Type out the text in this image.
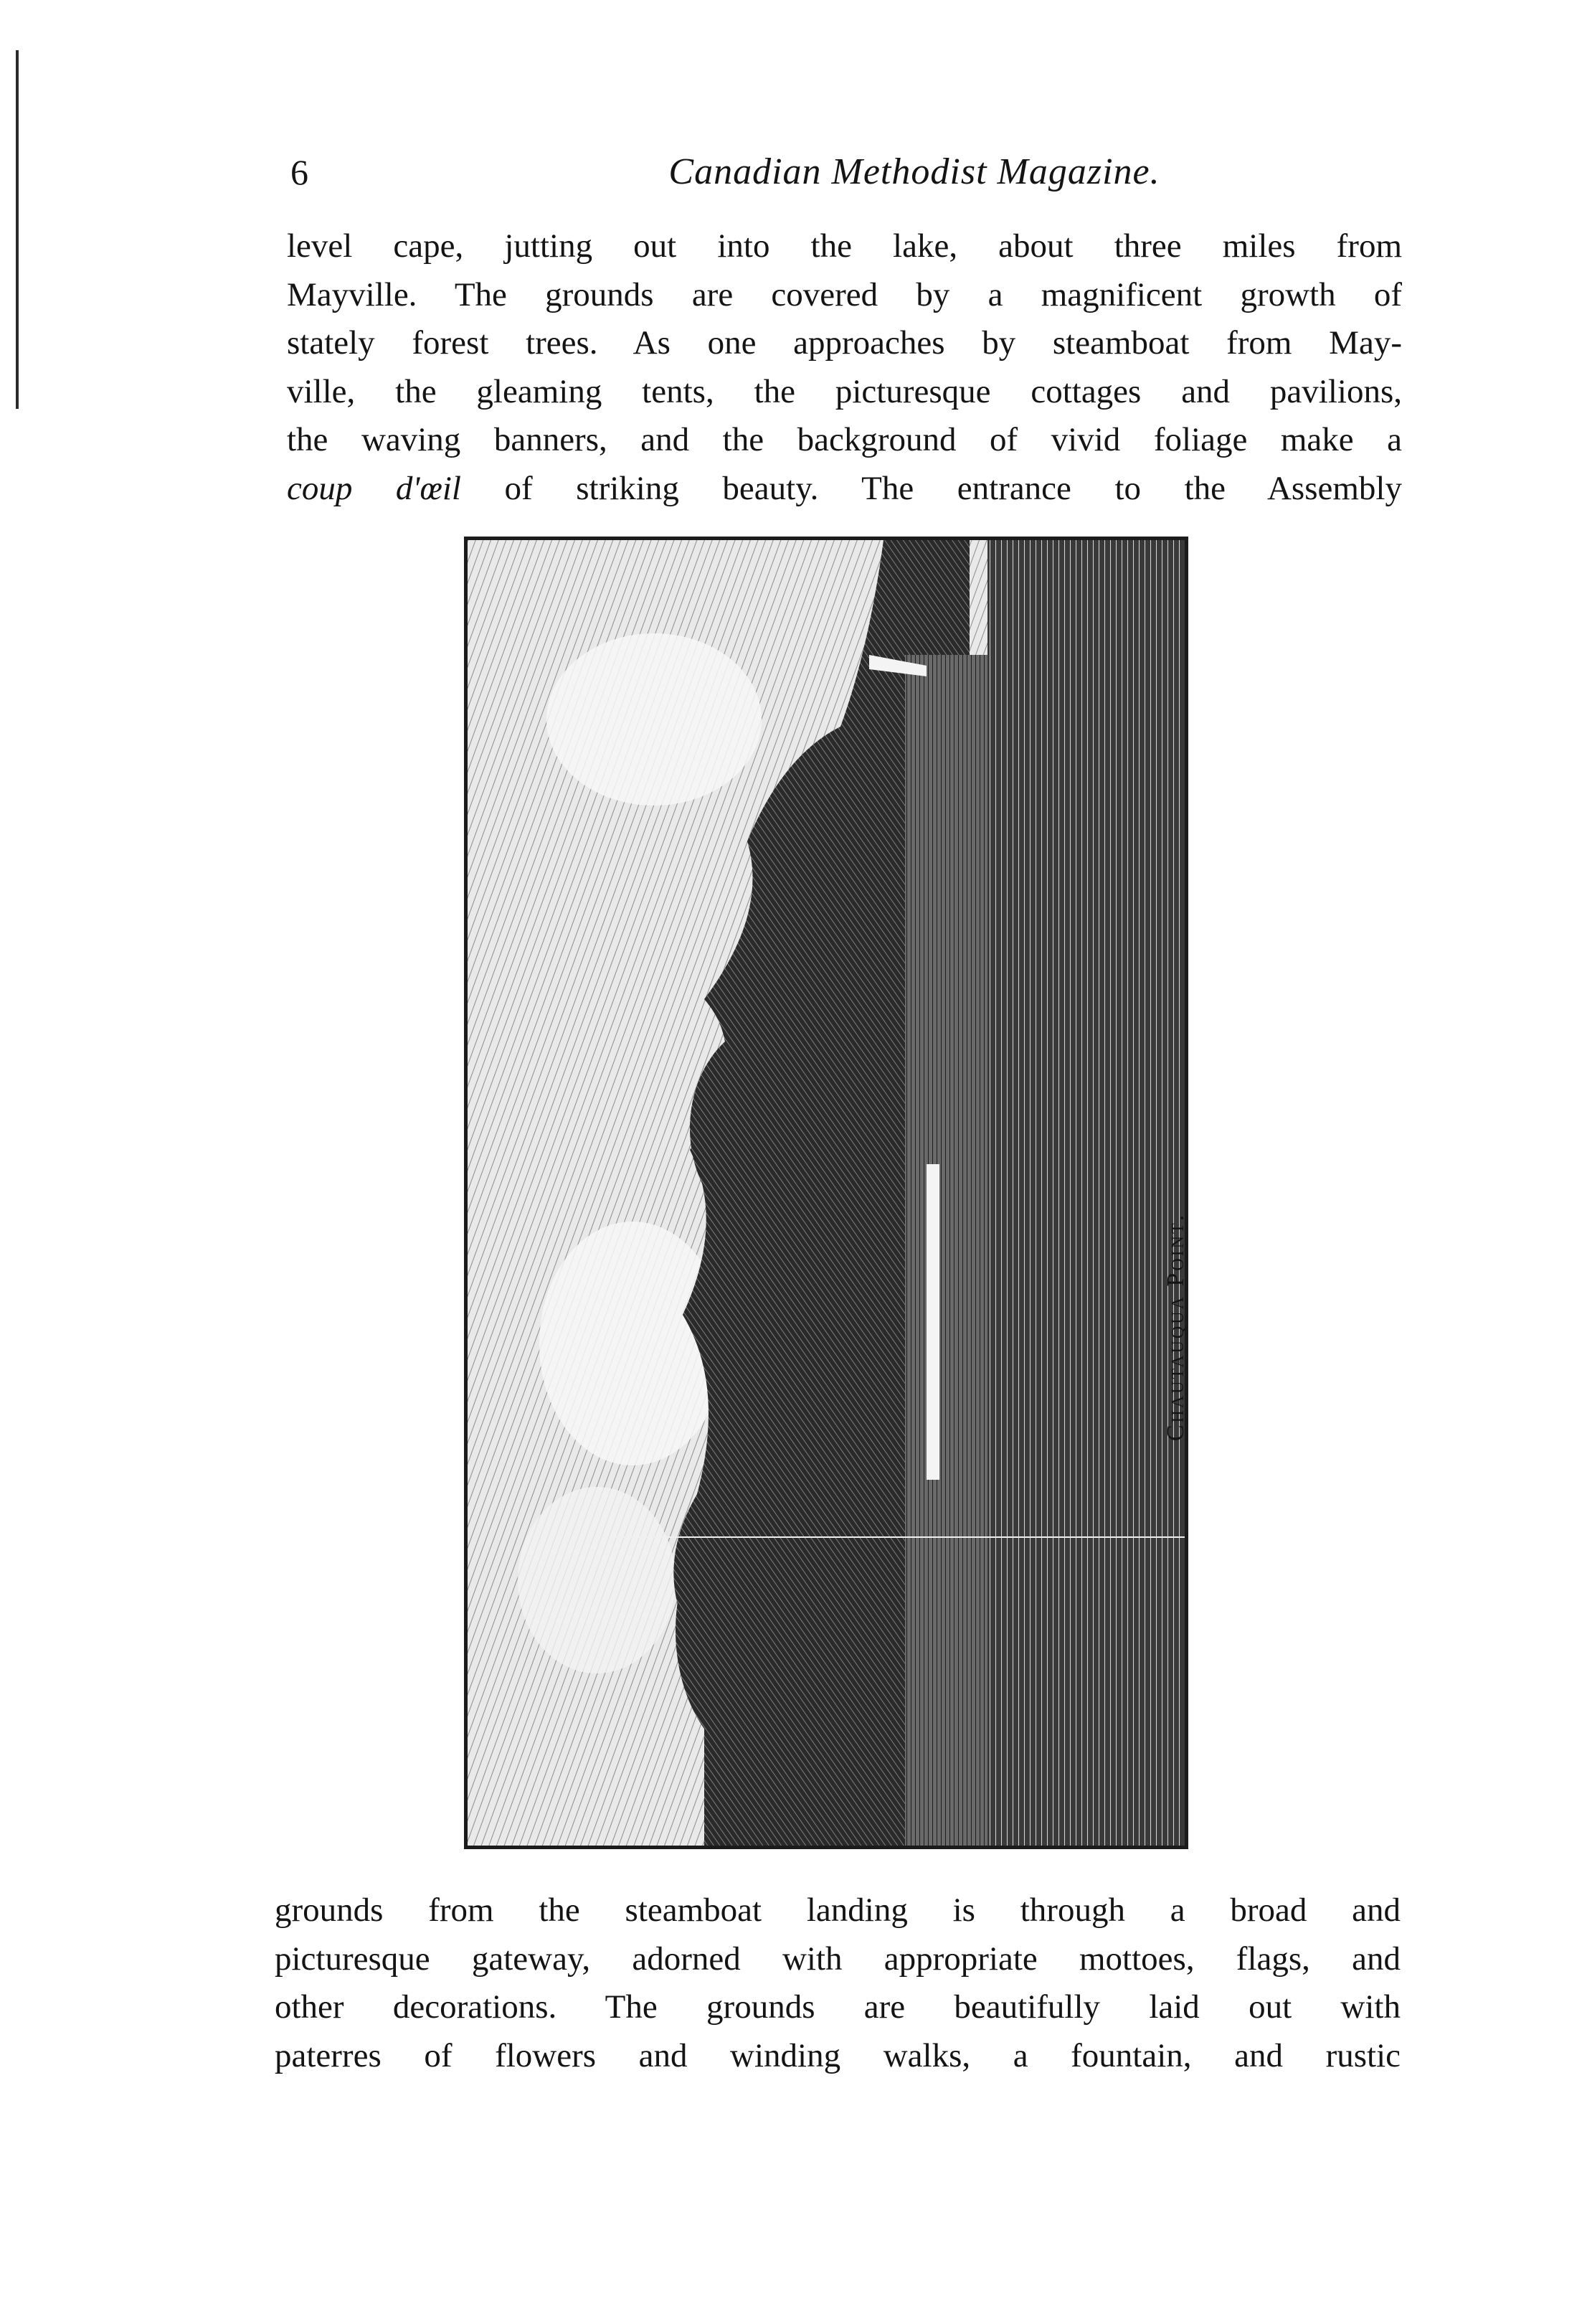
6	Canadian Methodist Magazine.
level cape, jutting out into the lake, about three miles from
Mayville. The grounds are covered by a magnificent growth of
stately forest trees. As one approaches by steamboat from May-
ville, the gleaming tents, the picturesque cottages and pavilions,
the waving banners, and the background of vivid foliage make a
coup d'œil of striking beauty. The entrance to the Assembly
Chautauqua Point.
grounds from the steamboat landing is through a broad and
picturesque gateway, adorned with appropriate mottoes, flags, and
other decorations. The grounds are beautifully laid out with
paterres of flowers and winding walks, a fountain, and rustic
